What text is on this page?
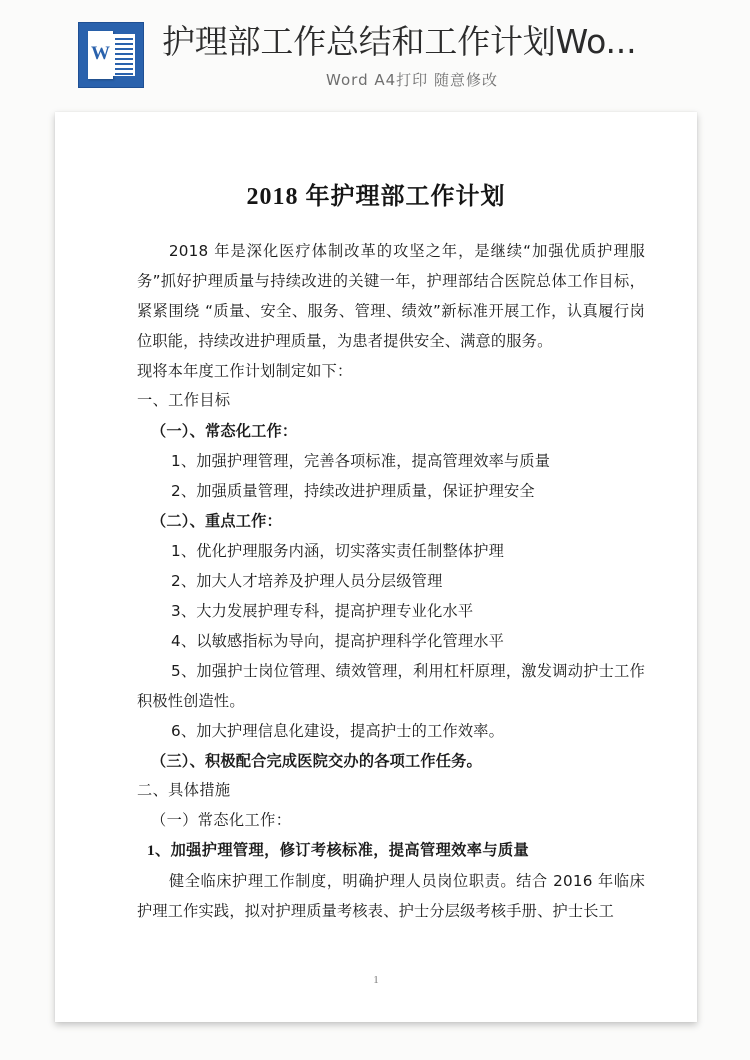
W 护理部工作总结和工作计划Wo...
Word A4打印 随意修改
2018 年护理部工作计划

2018 年是深化医疗体制改革的攻坚之年，是继续“加强优质护理服务”抓好护理质量与持续改进的关键一年，护理部结合医院总体工作目标，紧紧围绕 “质量、安全、服务、管理、绩效”新标准开展工作，认真履行岗位职能，持续改进护理质量，为患者提供安全、满意的服务。

现将本年度工作计划制定如下：

一、工作目标

（一）、常态化工作：

1、加强护理管理，完善各项标准，提高管理效率与质量

2、加强质量管理，持续改进护理质量，保证护理安全

（二）、重点工作：

1、优化护理服务内涵，切实落实责任制整体护理

2、加大人才培养及护理人员分层级管理

3、大力发展护理专科，提高护理专业化水平

4、以敏感指标为导向，提高护理科学化管理水平

5、加强护士岗位管理、绩效管理，利用杠杆原理，激发调动护士工作积极性创造性。

6、加大护理信息化建设，提高护士的工作效率。

（三）、积极配合完成医院交办的各项工作任务。

二、具体措施

（一）常态化工作：

1、加强护理管理，修订考核标准，提高管理效率与质量

健全临床护理工作制度，明确护理人员岗位职责。结合 2016 年临床护理工作实践，拟对护理质量考核表、护士分层级考核手册、护士长工

1
